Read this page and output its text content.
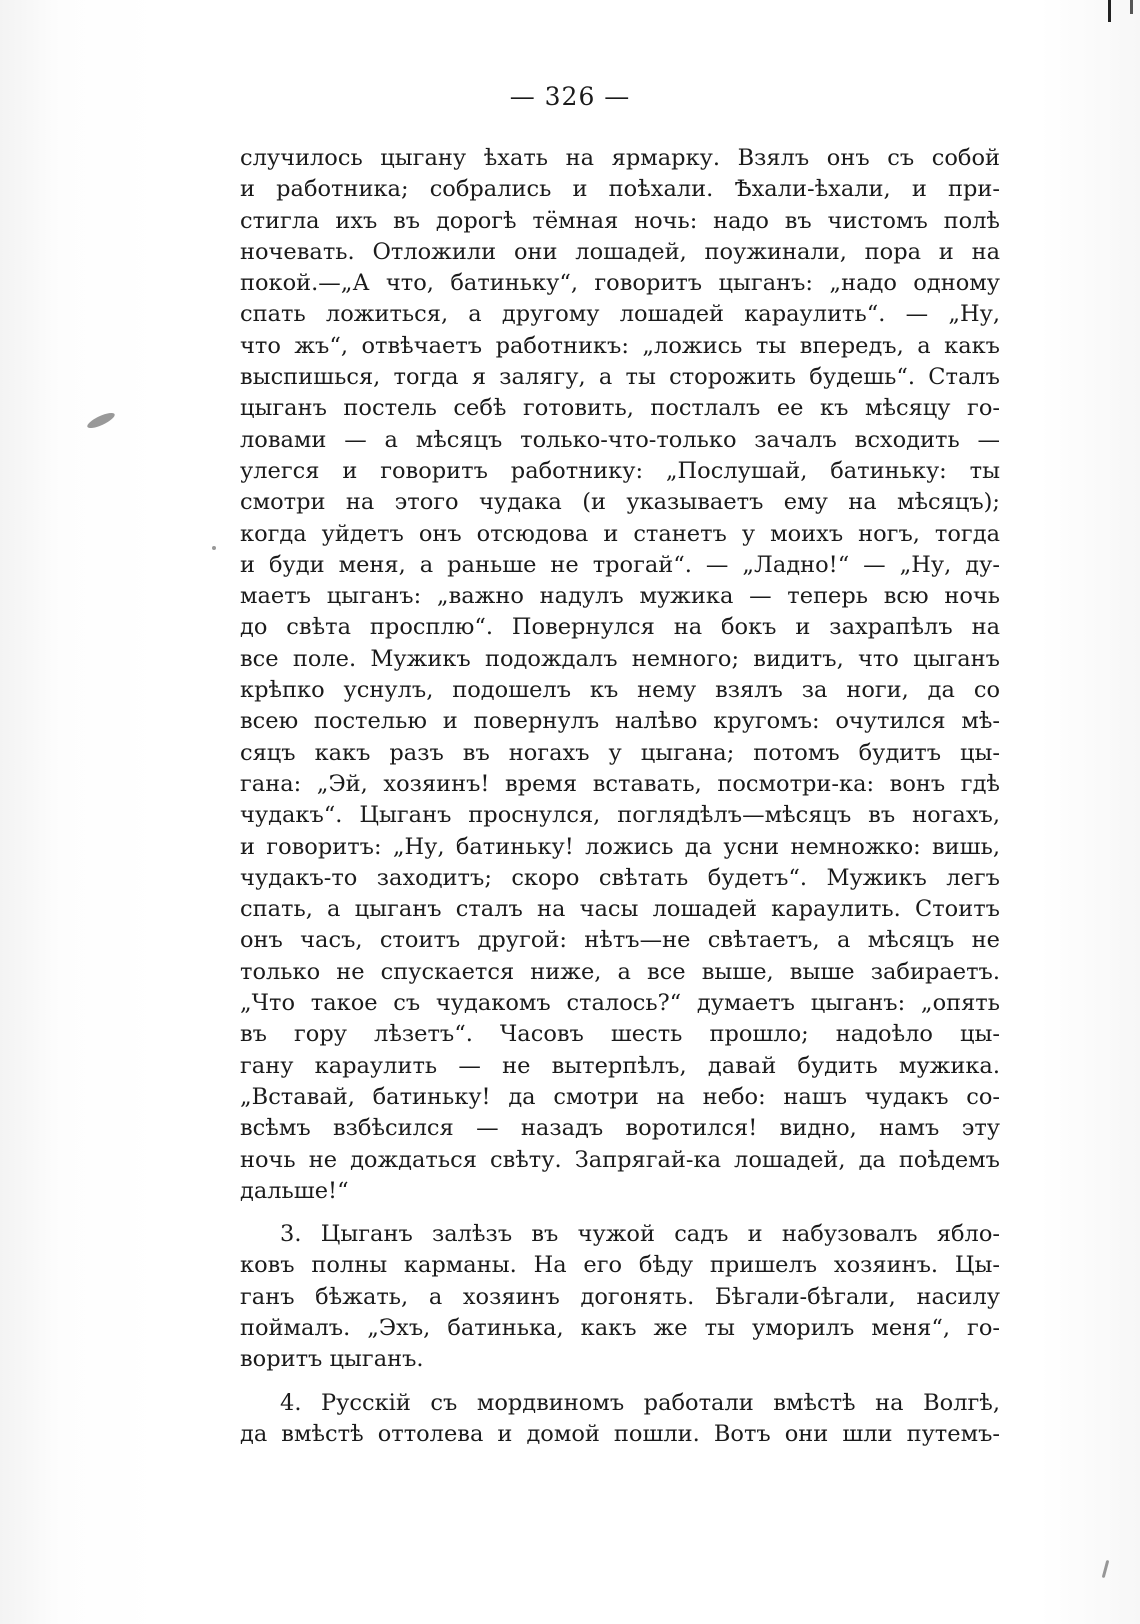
— 326 —
случилось цыгану ѣхать на ярмарку. Взялъ онъ съ собой
и работника; собрались и поѣхали. Ѣхали-ѣхали, и при-
стигла ихъ въ дорогѣ тёмная ночь: надо въ чистомъ полѣ
ночевать. Отложили они лошадей, поужинали, пора и на
покой.—„А что, батиньку“, говоритъ цыганъ: „надо одному
спать ложиться, а другому лошадей караулить“. — „Ну,
что жъ“, отвѣчаетъ работникъ: „ложись ты впередъ, а какъ
выспишься, тогда я залягу, а ты сторожить будешь“. Сталъ
цыганъ постель себѣ готовить, постлалъ ее къ мѣсяцу го-
ловами — а мѣсяцъ только-что-только зачалъ всходить —
улегся и говоритъ работнику: „Послушай, батиньку: ты
смотри на этого чудака (и указываетъ ему на мѣсяцъ);
когда уйдетъ онъ отсюдова и станетъ у моихъ ногъ, тогда
и буди меня, а раньше не трогай“. — „Ладно!“ — „Ну, ду-
маетъ цыганъ: „важно надулъ мужика — теперь всю ночь
до свѣта просплю“. Повернулся на бокъ и захрапѣлъ на
все поле. Мужикъ подождалъ немного; видитъ, что цыганъ
крѣпко уснулъ, подошелъ къ нему взялъ за ноги, да со
всею постелью и повернулъ налѣво кругомъ: очутился мѣ-
сяцъ какъ разъ въ ногахъ у цыгана; потомъ будитъ цы-
гана: „Эй, хозяинъ! время вставать, посмотри-ка: вонъ гдѣ
чудакъ“. Цыганъ проснулся, поглядѣлъ—мѣсяцъ въ ногахъ,
и говоритъ: „Ну, батиньку! ложись да усни немножко: вишь,
чудакъ-то заходитъ; скоро свѣтать будетъ“. Мужикъ легъ
спать, а цыганъ сталъ на часы лошадей караулить. Стоитъ
онъ часъ, стоитъ другой: нѣтъ—не свѣтаетъ, а мѣсяцъ не
только не спускается ниже, а все выше, выше забираетъ.
„Что такое съ чудакомъ сталось?“ думаетъ цыганъ: „опять
въ гору лѣзетъ“. Часовъ шесть прошло; надоѣло цы-
гану караулить — не вытерпѣлъ, давай будить мужика.
„Вставай, батиньку! да смотри на небо: нашъ чудакъ со-
всѣмъ взбѣсился — назадъ воротился! видно, намъ эту
ночь не дождаться свѣту. Запрягай-ка лошадей, да поѣдемъ
дальше!“
3. Цыганъ залѣзъ въ чужой садъ и набузовалъ ябло-
ковъ полны карманы. На его бѣду пришелъ хозяинъ. Цы-
ганъ бѣжать, а хозяинъ догонять. Бѣгали-бѣгали, насилу
поймалъ. „Эхъ, батинька, какъ же ты уморилъ меня“, го-
воритъ цыганъ.
4. Русскій съ мордвиномъ работали вмѣстѣ на Волгѣ,
да вмѣстѣ оттолева и домой пошли. Вотъ они шли путемъ-
